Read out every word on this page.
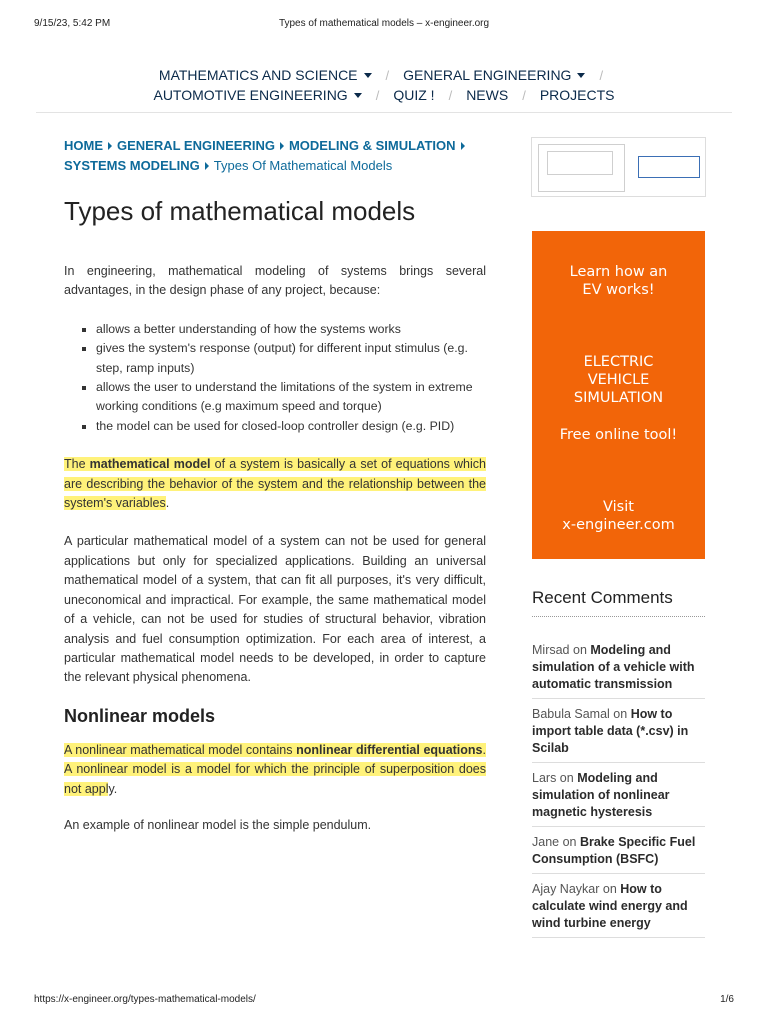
9/15/23, 5:42 PM	Types of mathematical models – x-engineer.org
MATHEMATICS AND SCIENCE	/	GENERAL ENGINEERING	/
AUTOMOTIVE ENGINEERING	/	QUIZ !	/	NEWS	/	PROJECTS
HOME GENERAL ENGINEERING MODELING & SIMULATION
SYSTEMS MODELING Types Of Mathematical Models
Types of mathematical models

In engineering, mathematical modeling of systems brings several advantages, in the design phase of any project, because:

▪ allows a better understanding of how the systems works
▪ gives the system's response (output) for different input stimulus (e.g. step, ramp inputs)
▪ allows the user to understand the limitations of the system in extreme working conditions (e.g maximum speed and torque)
▪ the model can be used for closed-loop controller design (e.g. PID)

The mathematical model of a system is basically a set of equations which are describing the behavior of the system and the relationship between the system's variables.

A particular mathematical model of a system can not be used for general applications but only for specialized applications. Building an universal mathematical model of a system, that can fit all purposes, it's very difficult, uneconomical and impractical. For example, the same mathematical model of a vehicle, can not be used for studies of structural behavior, vibration analysis and fuel consumption optimization. For each area of interest, a particular mathematical model needs to be developed, in order to capture the relevant physical phenomena.

Nonlinear models

A nonlinear mathematical model contains nonlinear differential equations. A nonlinear model is a model for which the principle of superposition does not apply.

An example of nonlinear model is the simple pendulum.

Learn how an
EV works!
ELECTRIC
VEHICLE
SIMULATION
Free online tool!
Visit
x-engineer.com
Recent Comments
Mirsad on Modeling and simulation of a vehicle with automatic transmission
Babula Samal on How to import table data (*.csv) in Scilab
Lars on Modeling and simulation of nonlinear magnetic hysteresis
Jane on Brake Specific Fuel Consumption (BSFC)
Ajay Naykar on How to calculate wind energy and wind turbine energy
https://x-engineer.org/types-mathematical-models/	1/6
